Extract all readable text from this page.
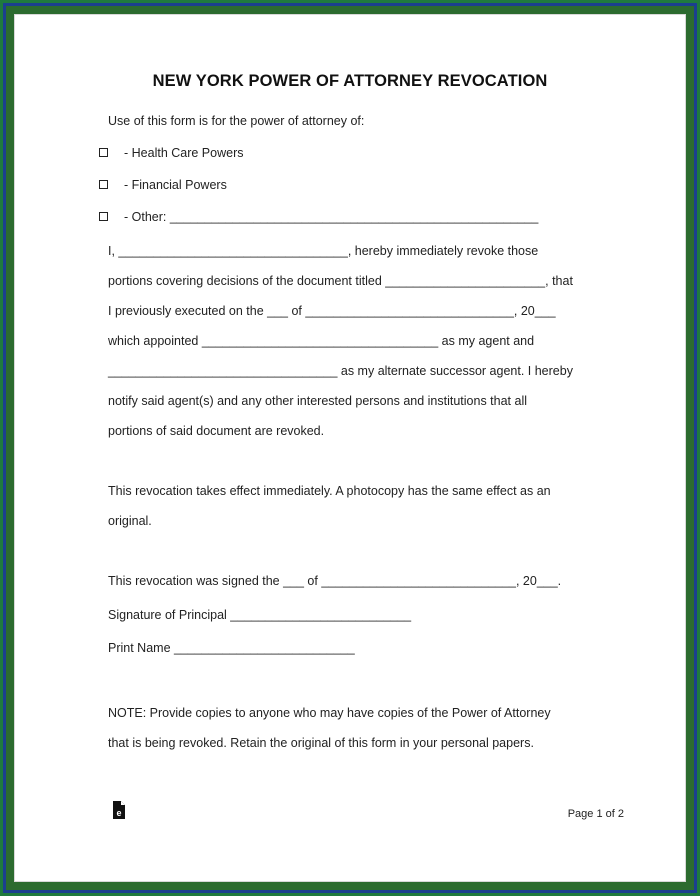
NEW YORK POWER OF ATTORNEY REVOCATION
Use of this form is for the power of attorney of:
- Health Care Powers
- Financial Powers
- Other: _____________________________________________________
I, _________________________________, hereby immediately revoke those
portions covering decisions of the document titled _______________________, that
I previously executed on the ___ of ______________________________, 20___
which appointed __________________________________ as my agent and
_________________________________ as my alternate successor agent. I hereby
notify said agent(s) and any other interested persons and institutions that all
portions of said document are revoked.
This revocation takes effect immediately. A photocopy has the same effect as an
original.
This revocation was signed the ___ of ____________________________, 20___.
Signature of Principal __________________________
Print Name __________________________
NOTE: Provide copies to anyone who may have copies of the Power of Attorney
that is being revoked. Retain the original of this form in your personal papers.
e	Page 1 of 2
